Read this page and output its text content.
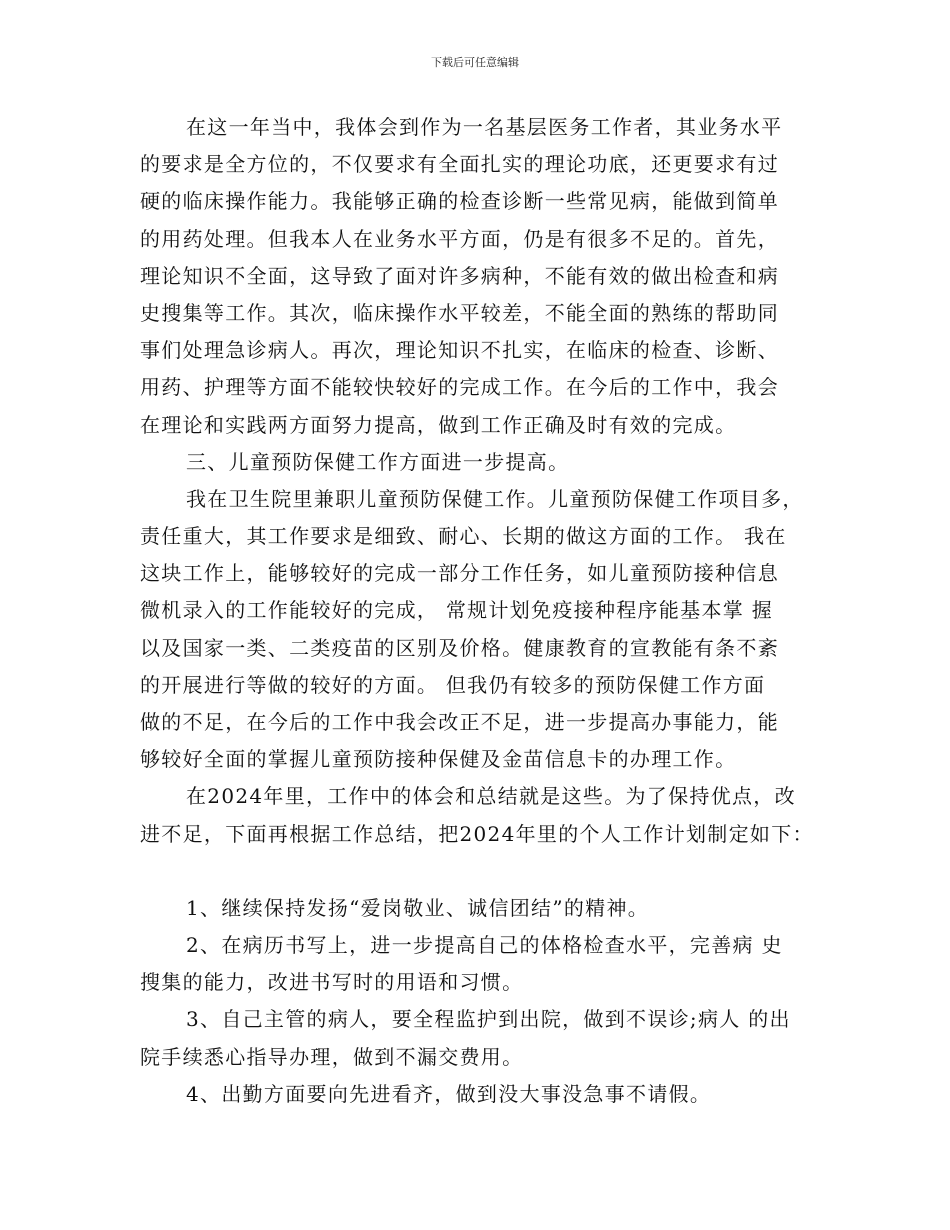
下载后可任意编辑
在这一年当中，我体会到作为一名基层医务工作者，其业务水平
的要求是全方位的，不仅要求有全面扎实的理论功底，还更要求有过
硬的临床操作能力。我能够正确的检查诊断一些常见病，能做到简单
的用药处理。但我本人在业务水平方面，仍是有很多不足的。首先，
理论知识不全面，这导致了面对许多病种，不能有效的做出检查和病
史搜集等工作。其次，临床操作水平较差，不能全面的熟练的帮助同
事们处理急诊病人。再次，理论知识不扎实，在临床的检查、诊断、
用药、护理等方面不能较快较好的完成工作。在今后的工作中，我会
在理论和实践两方面努力提高，做到工作正确及时有效的完成。
三、儿童预防保健工作方面进一步提高。
我在卫生院里兼职儿童预防保健工作。儿童预防保健工作项目多，
责任重大，其工作要求是细致、耐心、长期的做这方面的工作。 我在
这块工作上，能够较好的完成一部分工作任务，如儿童预防接种信息
微机录入的工作能较好的完成， 常规计划免疫接种程序能基本掌 握
以及国家一类、二类疫苗的区别及价格。健康教育的宣教能有条不紊
的开展进行等做的较好的方面。 但我仍有较多的预防保健工作方面
做的不足，在今后的工作中我会改正不足，进一步提高办事能力，能
够较好全面的掌握儿童预防接种保健及金苗信息卡的办理工作。
在2024年里，工作中的体会和总结就是这些。为了保持优点，改
进不足，下面再根据工作总结，把2024年里的个人工作计划制定如下：
1、继续保持发扬“爱岗敬业、诚信团结”的精神。
2、在病历书写上，进一步提高自己的体格检查水平，完善病 史
搜集的能力，改进书写时的用语和习惯。
3、自己主管的病人，要全程监护到出院，做到不误诊;病人 的出
院手续悉心指导办理，做到不漏交费用。
4、出勤方面要向先进看齐，做到没大事没急事不请假。
